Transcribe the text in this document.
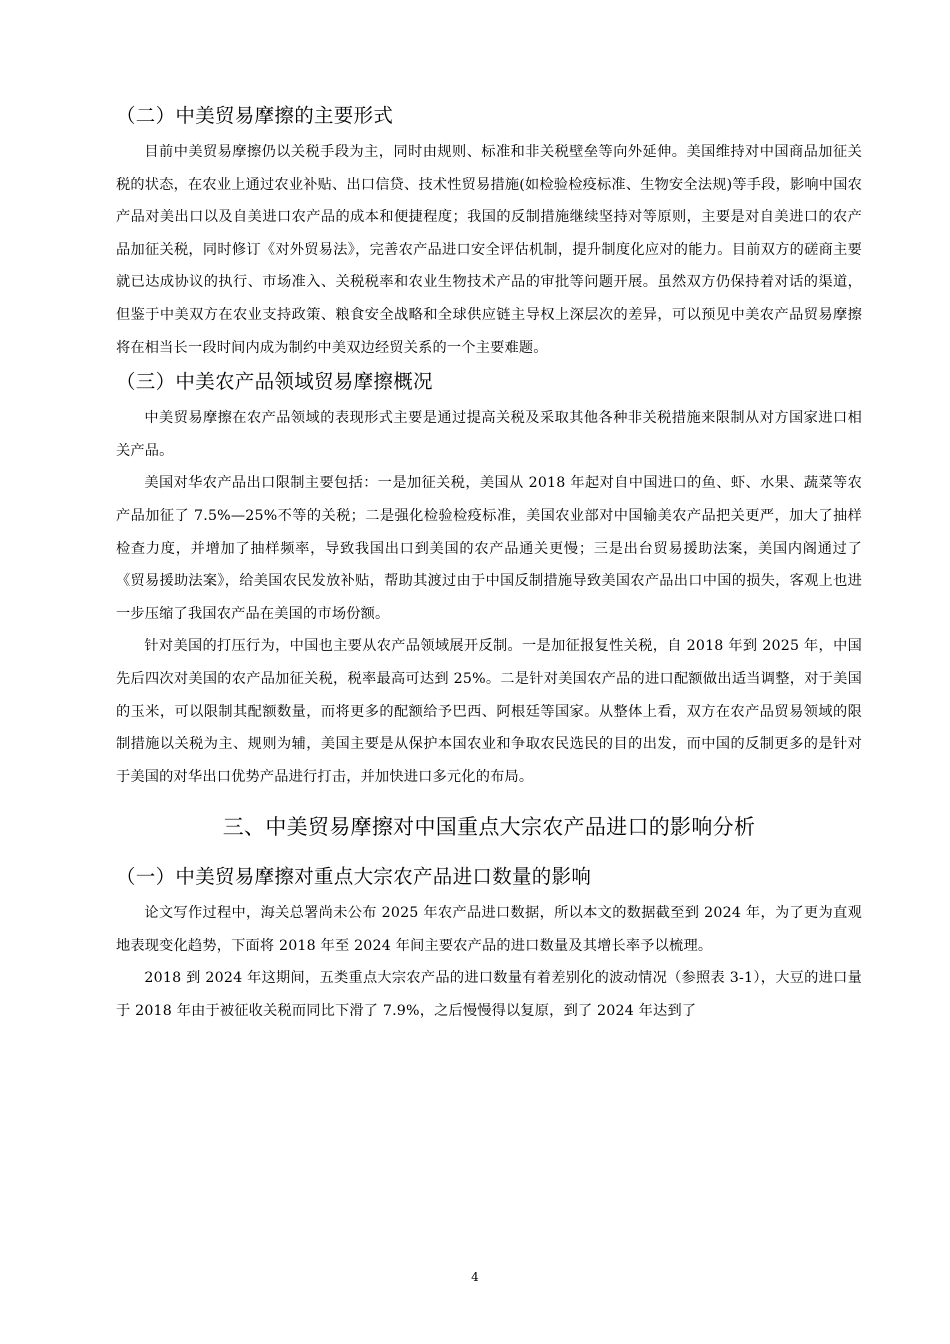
（二）中美贸易摩擦的主要形式

目前中美贸易摩擦仍以关税手段为主，同时由规则、标准和非关税壁垒等向外延伸。美国维持对中国商品加征关税的状态，在农业上通过农业补贴、出口信贷、技术性贸易措施(如检验检疫标准、生物安全法规)等手段，影响中国农产品对美出口以及自美进口农产品的成本和便捷程度；我国的反制措施继续坚持对等原则，主要是对自美进口的农产品加征关税，同时修订《对外贸易法》，完善农产品进口安全评估机制，提升制度化应对的能力。目前双方的磋商主要就已达成协议的执行、市场准入、关税税率和农业生物技术产品的审批等问题开展。虽然双方仍保持着对话的渠道，但鉴于中美双方在农业支持政策、粮食安全战略和全球供应链主导权上深层次的差异，可以预见中美农产品贸易摩擦将在相当长一段时间内成为制约中美双边经贸关系的一个主要难题。

（三）中美农产品领域贸易摩擦概况

中美贸易摩擦在农产品领域的表现形式主要是通过提高关税及采取其他各种非关税措施来限制从对方国家进口相关产品。

美国对华农产品出口限制主要包括：一是加征关税，美国从 2018 年起对自中国进口的鱼、虾、水果、蔬菜等农产品加征了 7.5%—25%不等的关税；二是强化检验检疫标准，美国农业部对中国输美农产品把关更严，加大了抽样检查力度，并增加了抽样频率，导致我国出口到美国的农产品通关更慢；三是出台贸易援助法案，美国内阁通过了《贸易援助法案》，给美国农民发放补贴，帮助其渡过由于中国反制措施导致美国农产品出口中国的损失，客观上也进一步压缩了我国农产品在美国的市场份额。

针对美国的打压行为，中国也主要从农产品领域展开反制。一是加征报复性关税，自 2018 年到 2025 年，中国先后四次对美国的农产品加征关税，税率最高可达到 25%。二是针对美国农产品的进口配额做出适当调整，对于美国的玉米，可以限制其配额数量，而将更多的配额给予巴西、阿根廷等国家。从整体上看，双方在农产品贸易领域的限制措施以关税为主、规则为辅，美国主要是从保护本国农业和争取农民选民的目的出发，而中国的反制更多的是针对于美国的对华出口优势产品进行打击，并加快进口多元化的布局。

三、中美贸易摩擦对中国重点大宗农产品进口的影响分析
（一）中美贸易摩擦对重点大宗农产品进口数量的影响

论文写作过程中，海关总署尚未公布 2025 年农产品进口数据，所以本文的数据截至到 2024 年，为了更为直观地表现变化趋势，下面将 2018 年至 2024 年间主要农产品的进口数量及其增长率予以梳理。

2018 到 2024 年这期间，五类重点大宗农产品的进口数量有着差别化的波动情况（参照表 3-1），大豆的进口量于 2018 年由于被征收关税而同比下滑了 7.9%，之后慢慢得以复原，到了 2024 年达到了

4
